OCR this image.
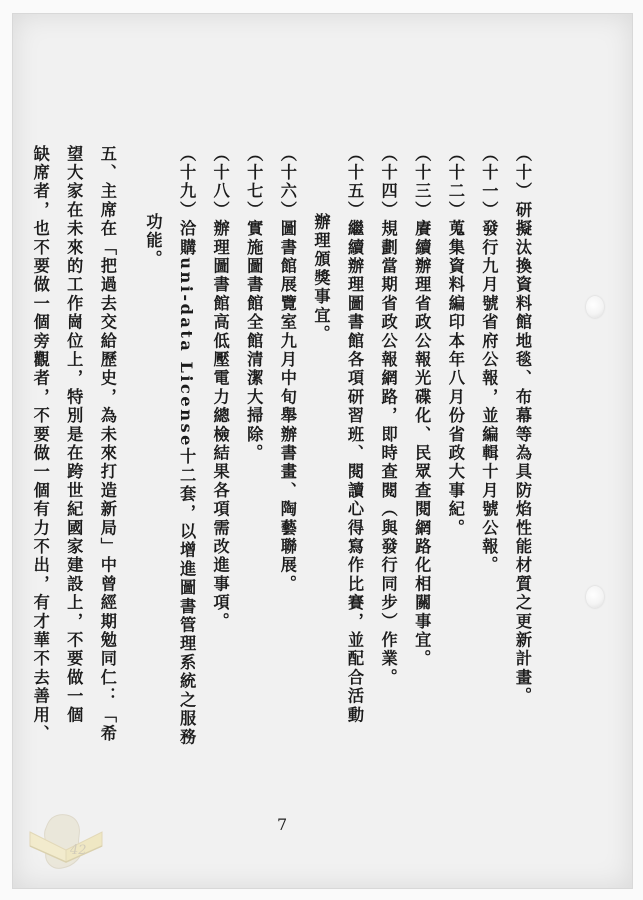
（十）研擬汰換資料館地毯、布幕等為具防焰性能材質之更新計畫。
（十一）發行九月號省府公報，並編輯十月號公報。
（十二）蒐集資料編印本年八月份省政大事紀。
（十三）賡續辦理省政公報光碟化、民眾查閱網路化相關事宜。
（十四）規劃當期省政公報網路，即時查閱（與發行同步）作業。
（十五）繼續辦理圖書館各項研習班、閱讀心得寫作比賽，並配合活動
辦理頒獎事宜。
（十六）圖書館展覽室九月中旬舉辦書畫、陶藝聯展。
（十七）實施圖書館全館清潔大掃除。
（十八）辦理圖書館高低壓電力總檢結果各項需改進事項。
（十九）洽購uni-data License十二套，以增進圖書管理系統之服務
功能。
五、主席在「把過去交給歷史，為未來打造新局」中曾經期勉同仁：「希
望大家在未來的工作崗位上，特別是在跨世紀國家建設上，不要做一個
缺席者，也不要做一個旁觀者，不要做一個有力不出，有才華不去善用、
7
42
